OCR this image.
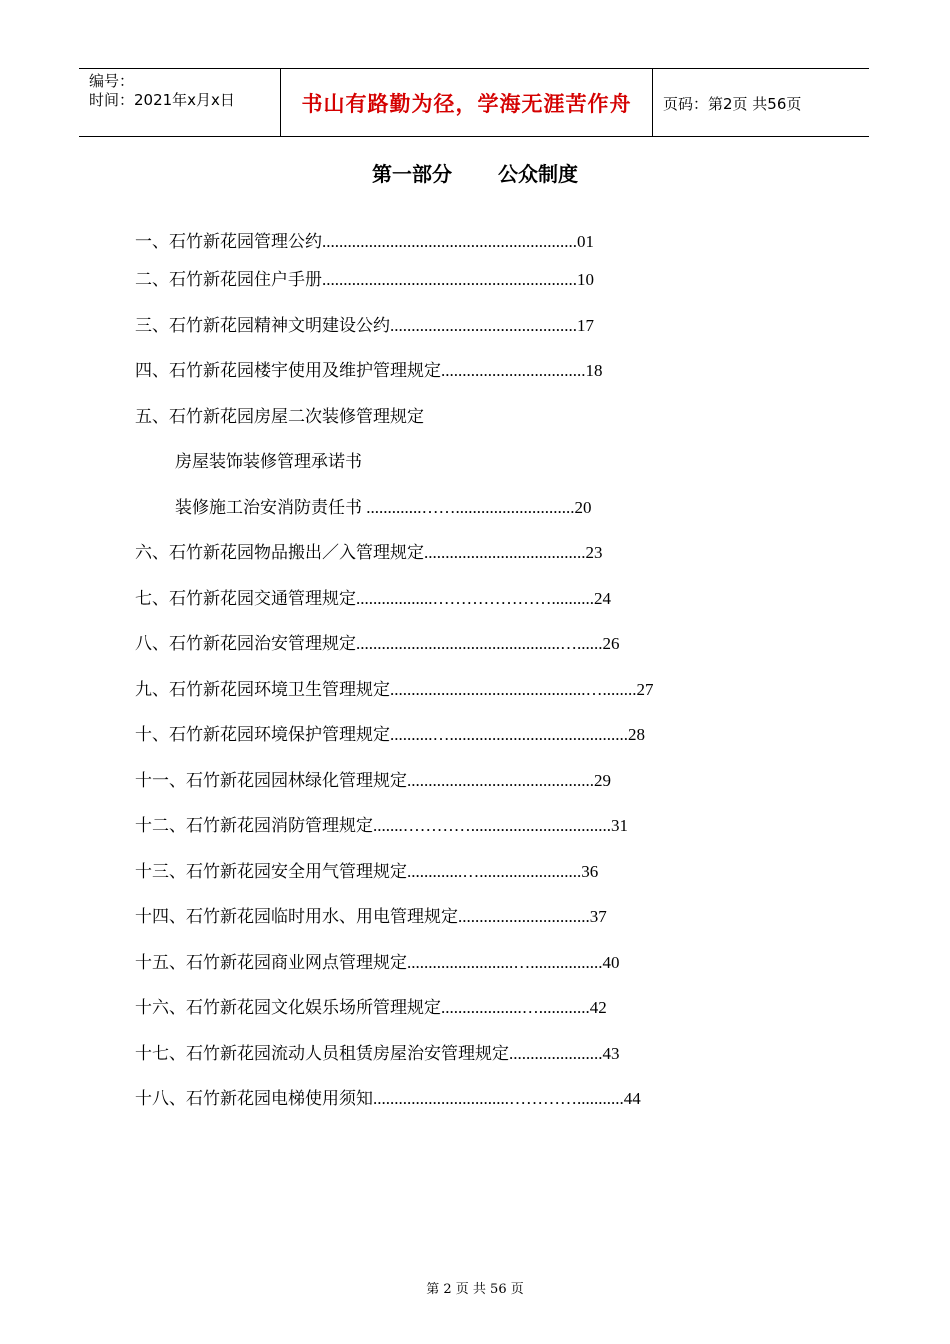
编号：
时间：2021年x月x日	书山有路勤为径，学海无涯苦作舟	页码：第2页 共56页
第一部分 公众制度
一、石竹新花园管理公约............................................................01
二、石竹新花园住户手册............................................................10
三、石竹新花园精神文明建设公约............................................17
四、石竹新花园楼宇使用及维护管理规定..................................18
五、石竹新花园房屋二次装修管理规定
房屋装饰装修管理承诺书
装修施工治安消防责任书 .............……............................20
六、石竹新花园物品搬出／入管理规定......................................23
七、石竹新花园交通管理规定..................…………………..........24
八、石竹新花园治安管理规定................................................…......26
九、石竹新花园环境卫生管理规定..............................................…........27
十、石竹新花园环境保护管理规定..........…..........................................28
十一、石竹新花园园林绿化管理规定............................................29
十二、石竹新花园消防管理规定.......………….................................31
十三、石竹新花园安全用气管理规定.............…........................36
十四、石竹新花园临时用水、用电管理规定...............................37
十五、石竹新花园商业网点管理规定.........................….................40
十六、石竹新花园文化娱乐场所管理规定...................…............42
十七、石竹新花园流动人员租赁房屋治安管理规定......................43
十八、石竹新花园电梯使用须知................................…………...........44
第 2 页 共 56 页
